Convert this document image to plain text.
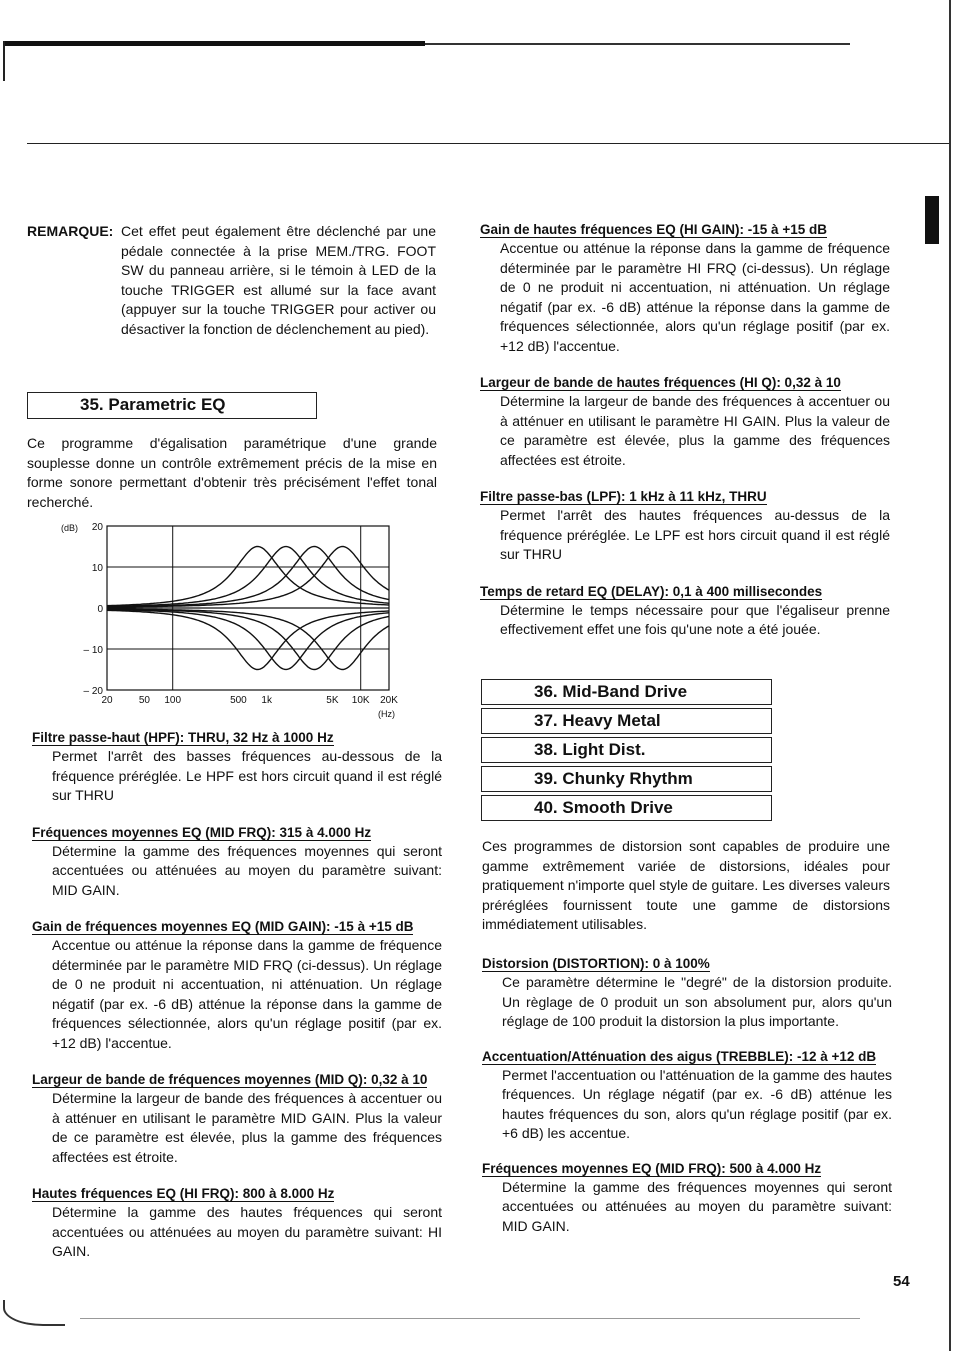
REMARQUE: Cet effet peut également être déclenché par une pédale connectée à la prise MEM./TRG. FOOT SW du panneau arrière, si le témoin à LED de la touche TRIGGER est allumé sur la face avant (appuyer sur la touche TRIGGER pour activer ou désactiver la fonction de déclenchement au pied).
35. Parametric EQ
Ce programme d'égalisation paramétrique d'une grande souplesse donne un contrôle extrêmement précis de la mise en forme sonore permettant d'obtenir très précisément l'effet tonal recherché.
20
10
0
– 10
– 20
20	50 100	500 1k	5K 10K 20K
(dB)
(Hz)
Filtre passe-haut (HPF): THRU, 32 Hz à 1000 Hz
Permet l'arrêt des basses fréquences au-dessous de la fréquence préréglée. Le HPF est hors circuit quand il est réglé sur THRU
Fréquences moyennes EQ (MID FRQ): 315 à 4.000 Hz
Détermine la gamme des fréquences moyennes qui seront accentuées ou atténuées au moyen du paramètre suivant: MID GAIN.
Gain de fréquences moyennes EQ (MID GAIN): -15 à +15 dB
Accentue ou atténue la réponse dans la gamme de fréquence déterminée par le paramètre MID FRQ (ci-dessus). Un réglage de 0 ne produit ni accentuation, ni atténuation. Un réglage négatif (par ex. -6 dB) atténue la réponse dans la gamme de fréquences sélectionnée, alors qu'un réglage positif (par ex. +12 dB) l'accentue.
Largeur de bande de fréquences moyennes (MID Q): 0,32 à 10
Détermine la largeur de bande des fréquences à accentuer ou à atténuer en utilisant le paramètre MID GAIN. Plus la valeur de ce paramètre est élevée, plus la gamme des fréquences affectées est étroite.
Hautes fréquences EQ (HI FRQ): 800 à 8.000 Hz
Détermine la gamme des hautes fréquences qui seront accentuées ou atténuées au moyen du paramètre suivant: HI GAIN.
Gain de hautes fréquences EQ (HI GAIN): -15 à +15 dB
Accentue ou atténue la réponse dans la gamme de fréquence déterminée par le paramètre HI FRQ (ci-dessus). Un réglage de 0 ne produit ni accentuation, ni atténuation. Un réglage négatif (par ex. -6 dB) atténue la réponse dans la gamme de fréquences sélectionnée, alors qu'un réglage positif (par ex. +12 dB) l'accentue.
Largeur de bande de hautes fréquences (HI Q): 0,32 à 10
Détermine la largeur de bande des fréquences à accentuer ou à atténuer en utilisant le paramètre HI GAIN. Plus la valeur de ce paramètre est élevée, plus la gamme des fréquences affectées est étroite.
Filtre passe-bas (LPF): 1 kHz à 11 kHz, THRU
Permet l'arrêt des hautes fréquences au-dessus de la fréquence préréglée. Le LPF est hors circuit quand il est réglé sur THRU
Temps de retard EQ (DELAY): 0,1 à 400 millisecondes
Détermine le temps nécessaire pour que l'égaliseur prenne effectivement effet une fois qu'une note a été jouée.
36. Mid-Band Drive
37. Heavy Metal
38. Light Dist.
39. Chunky Rhythm
40. Smooth Drive
Ces programmes de distorsion sont capables de produire une gamme extrêmement variée de distorsions, idéales pour pratiquement n'importe quel style de guitare. Les diverses valeurs préréglées fournissent toute une gamme de distorsions immédiatement utilisables.
Distorsion (DISTORTION): 0 à 100%
Ce paramètre détermine le "degré" de la distorsion produite. Un règlage de 0 produit un son absolument pur, alors qu'un réglage de 100 produit la distorsion la plus importante.
Accentuation/Atténuation des aigus (TREBBLE): -12 à +12 dB
Permet l'accentuation ou l'atténuation de la gamme des hautes fréquences. Un réglage négatif (par ex. -6 dB) atténue les hautes fréquences du son, alors qu'un réglage positif (par ex. +6 dB) les accentue.
Fréquences moyennes EQ (MID FRQ): 500 à 4.000 Hz
Détermine la gamme des fréquences moyennes qui seront accentuées ou atténuées au moyen du paramètre suivant: MID GAIN.
54
